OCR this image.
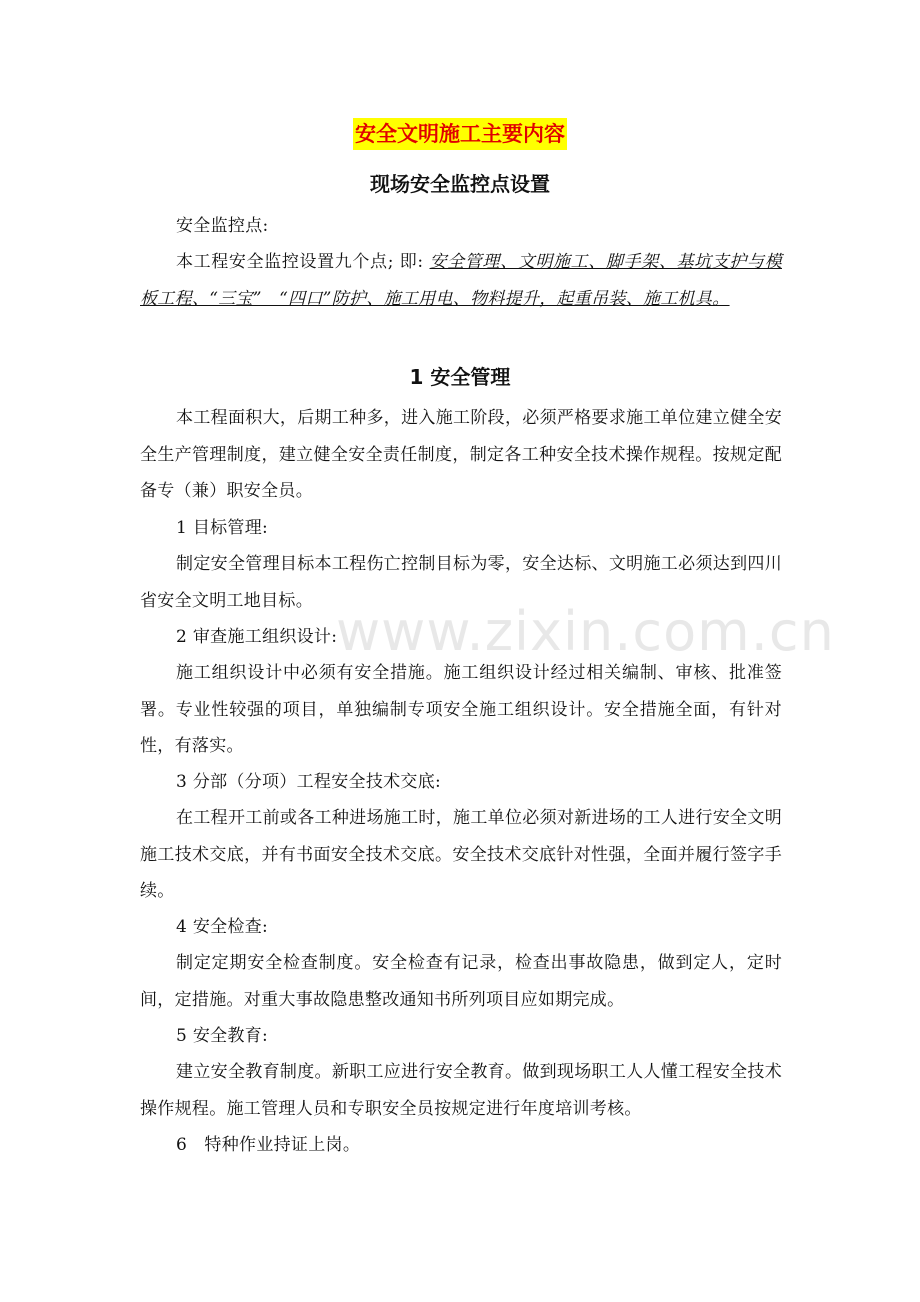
安全文明施工主要内容
现场安全监控点设置
安全监控点:
本工程安全监控设置九个点; 即: 安全管理、文明施工、脚手架、基坑支护与模板工程、“三宝”　“四口”防护、施工用电、物料提升，起重吊装、施工机具。
1 安全管理
本工程面积大，后期工种多，进入施工阶段，必须严格要求施工单位建立健全安全生产管理制度，建立健全安全责任制度，制定各工种安全技术操作规程。按规定配备专（兼）职安全员。
1 目标管理:
制定安全管理目标本工程伤亡控制目标为零，安全达标、文明施工必须达到四川省安全文明工地目标。
2 审查施工组织设计:
施工组织设计中必须有安全措施。施工组织设计经过相关编制、审核、批准签署。专业性较强的项目，单独编制专项安全施工组织设计。安全措施全面，有针对性，有落实。
3 分部（分项）工程安全技术交底:
在工程开工前或各工种进场施工时，施工单位必须对新进场的工人进行安全文明施工技术交底，并有书面安全技术交底。安全技术交底针对性强，全面并履行签字手续。
4 安全检查:
制定定期安全检查制度。安全检查有记录，检查出事故隐患，做到定人，定时间，定措施。对重大事故隐患整改通知书所列项目应如期完成。
5 安全教育:
建立安全教育制度。新职工应进行安全教育。做到现场职工人人懂工程安全技术操作规程。施工管理人员和专职安全员按规定进行年度培训考核。
6　特种作业持证上岗。
www.zixin.com.cn
